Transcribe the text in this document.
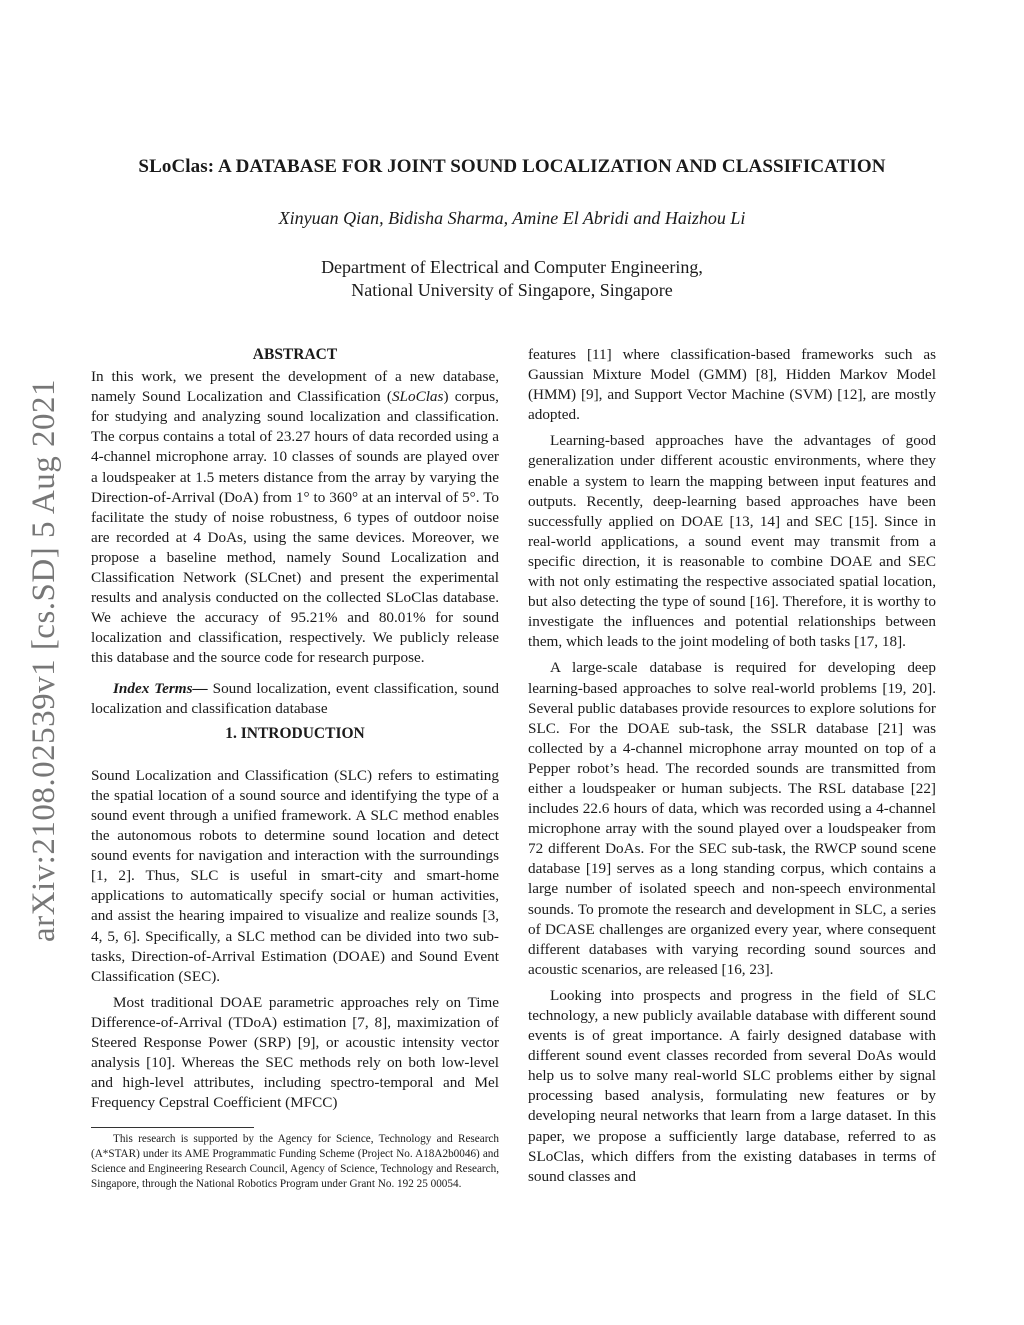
arXiv:2108.02539v1 [cs.SD] 5 Aug 2021
SLoClas: A DATABASE FOR JOINT SOUND LOCALIZATION AND CLASSIFICATION
Xinyuan Qian, Bidisha Sharma, Amine El Abridi and Haizhou Li
Department of Electrical and Computer Engineering,
National University of Singapore, Singapore
ABSTRACT

In this work, we present the development of a new database, namely Sound Localization and Classification (SLoClas) corpus, for studying and analyzing sound localization and classification. The corpus contains a total of 23.27 hours of data recorded using a 4-channel microphone array. 10 classes of sounds are played over a loudspeaker at 1.5 meters distance from the array by varying the Direction-of-Arrival (DoA) from 1° to 360° at an interval of 5°. To facilitate the study of noise robustness, 6 types of outdoor noise are recorded at 4 DoAs, using the same devices. Moreover, we propose a baseline method, namely Sound Localization and Classification Network (SLCnet) and present the experimental results and analysis conducted on the collected SLoClas database. We achieve the accuracy of 95.21% and 80.01% for sound localization and classification, respectively. We publicly release this database and the source code for research purpose.

Index Terms— Sound localization, event classification, sound localization and classification database

1. INTRODUCTION

Sound Localization and Classification (SLC) refers to estimating the spatial location of a sound source and identifying the type of a sound event through a unified framework. A SLC method enables the autonomous robots to determine sound location and detect sound events for navigation and interaction with the surroundings [1, 2]. Thus, SLC is useful in smart-city and smart-home applications to automatically specify social or human activities, and assist the hearing impaired to visualize and realize sounds [3, 4, 5, 6]. Specifically, a SLC method can be divided into two sub-tasks, Direction-of-Arrival Estimation (DOAE) and Sound Event Classification (SEC).

Most traditional DOAE parametric approaches rely on Time Difference-of-Arrival (TDoA) estimation [7, 8], maximization of Steered Response Power (SRP) [9], or acoustic intensity vector analysis [10]. Whereas the SEC methods rely on both low-level and high-level attributes, including spectro-temporal and Mel Frequency Cepstral Coefficient (MFCC)

This research is supported by the Agency for Science, Technology and Research (A*STAR) under its AME Programmatic Funding Scheme (Project No. A18A2b0046) and Science and Engineering Research Council, Agency of Science, Technology and Research, Singapore, through the National Robotics Program under Grant No. 192 25 00054.

features [11] where classification-based frameworks such as Gaussian Mixture Model (GMM) [8], Hidden Markov Model (HMM) [9], and Support Vector Machine (SVM) [12], are mostly adopted.

Learning-based approaches have the advantages of good generalization under different acoustic environments, where they enable a system to learn the mapping between input features and outputs. Recently, deep-learning based approaches have been successfully applied on DOAE [13, 14] and SEC [15]. Since in real-world applications, a sound event may transmit from a specific direction, it is reasonable to combine DOAE and SEC with not only estimating the respective associated spatial location, but also detecting the type of sound [16]. Therefore, it is worthy to investigate the influences and potential relationships between them, which leads to the joint modeling of both tasks [17, 18].

A large-scale database is required for developing deep learning-based approaches to solve real-world problems [19, 20]. Several public databases provide resources to explore solutions for SLC. For the DOAE sub-task, the SSLR database [21] was collected by a 4-channel microphone array mounted on top of a Pepper robot’s head. The recorded sounds are transmitted from either a loudspeaker or human subjects. The RSL database [22] includes 22.6 hours of data, which was recorded using a 4-channel microphone array with the sound played over a loudspeaker from 72 different DoAs. For the SEC sub-task, the RWCP sound scene database [19] serves as a long standing corpus, which contains a large number of isolated speech and non-speech environmental sounds. To promote the research and development in SLC, a series of DCASE challenges are organized every year, where consequent different databases with varying recording sound sources and acoustic scenarios, are released [16, 23].

Looking into prospects and progress in the field of SLC technology, a new publicly available database with different sound events is of great importance. A fairly designed database with different sound event classes recorded from several DoAs would help us to solve many real-world SLC problems either by signal processing based analysis, formulating new features or by developing neural networks that learn from a large dataset. In this paper, we propose a sufficiently large database, referred to as SLoClas, which differs from the existing databases in terms of sound classes and
